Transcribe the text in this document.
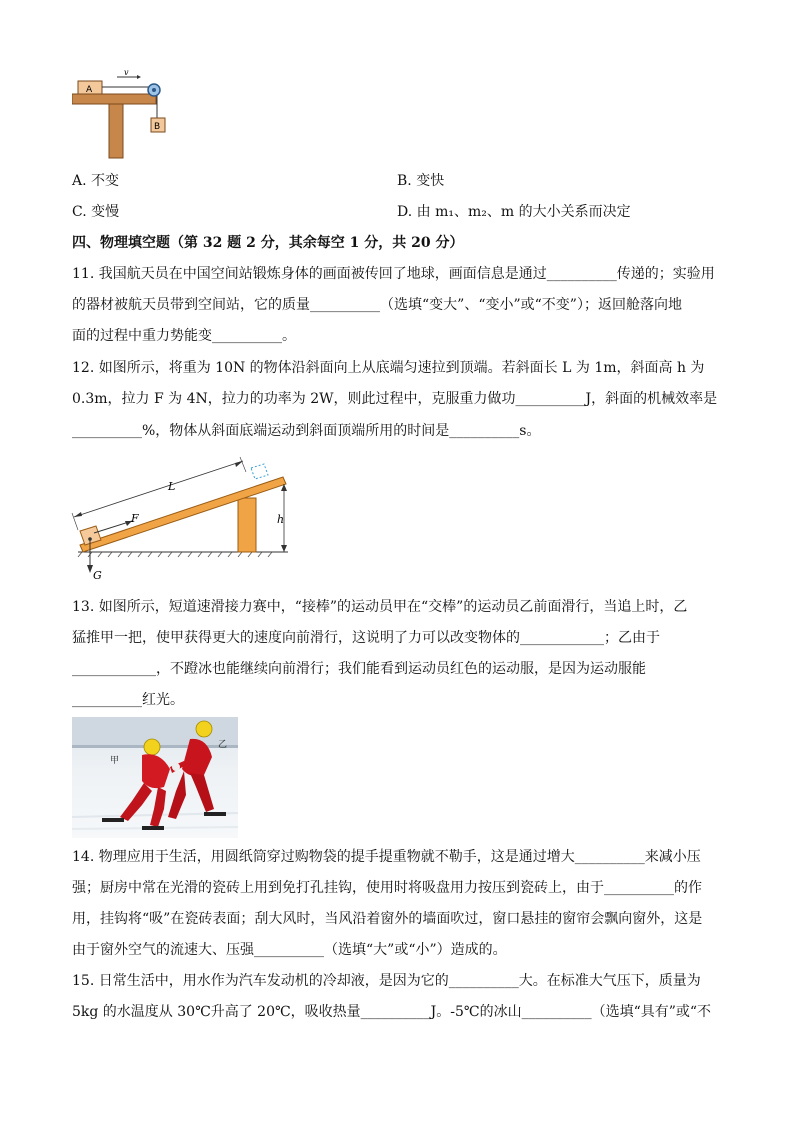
A
v
B
A. 不变	B. 变快
C. 变慢	D. 由 m₁、m₂、m 的大小关系而决定
四、物理填空题（第 32 题 2 分，其余每空 1 分，共 20 分）
11. 我国航天员在中国空间站锻炼身体的画面被传回了地球，画面信息是通过__________传递的；实验用
的器材被航天员带到空间站，它的质量__________（选填“变大”、“变小”或“不变”）；返回舱落向地
面的过程中重力势能变__________。
12. 如图所示，将重为 10N 的物体沿斜面向上从底端匀速拉到顶端。若斜面长 L 为 1m，斜面高 h 为
0.3m，拉力 F 为 4N，拉力的功率为 2W，则此过程中，克服重力做功__________J，斜面的机械效率是
__________%，物体从斜面底端运动到斜面顶端所用的时间是__________s。
L
F	h
G
13. 如图所示，短道速滑接力赛中，“接棒”的运动员甲在“交棒”的运动员乙前面滑行，当追上时，乙
猛推甲一把，使甲获得更大的速度向前滑行，这说明了力可以改变物体的____________；乙由于
____________，不蹬冰也能继续向前滑行；我们能看到运动员红色的运动服，是因为运动服能
__________红光。
甲
乙
14. 物理应用于生活，用圆纸筒穿过购物袋的提手提重物就不勒手，这是通过增大__________来减小压
强；厨房中常在光滑的瓷砖上用到免打孔挂钩，使用时将吸盘用力按压到瓷砖上，由于__________的作
用，挂钩将“吸”在瓷砖表面；刮大风时，当风沿着窗外的墙面吹过，窗口悬挂的窗帘会飘向窗外，这是
由于窗外空气的流速大、压强__________（选填“大”或“小”）造成的。
15. 日常生活中，用水作为汽车发动机的冷却液，是因为它的__________大。在标准大气压下，质量为
5kg 的水温度从 30℃升高了 20℃，吸收热量__________J。-5℃的冰山__________（选填“具有”或“不
